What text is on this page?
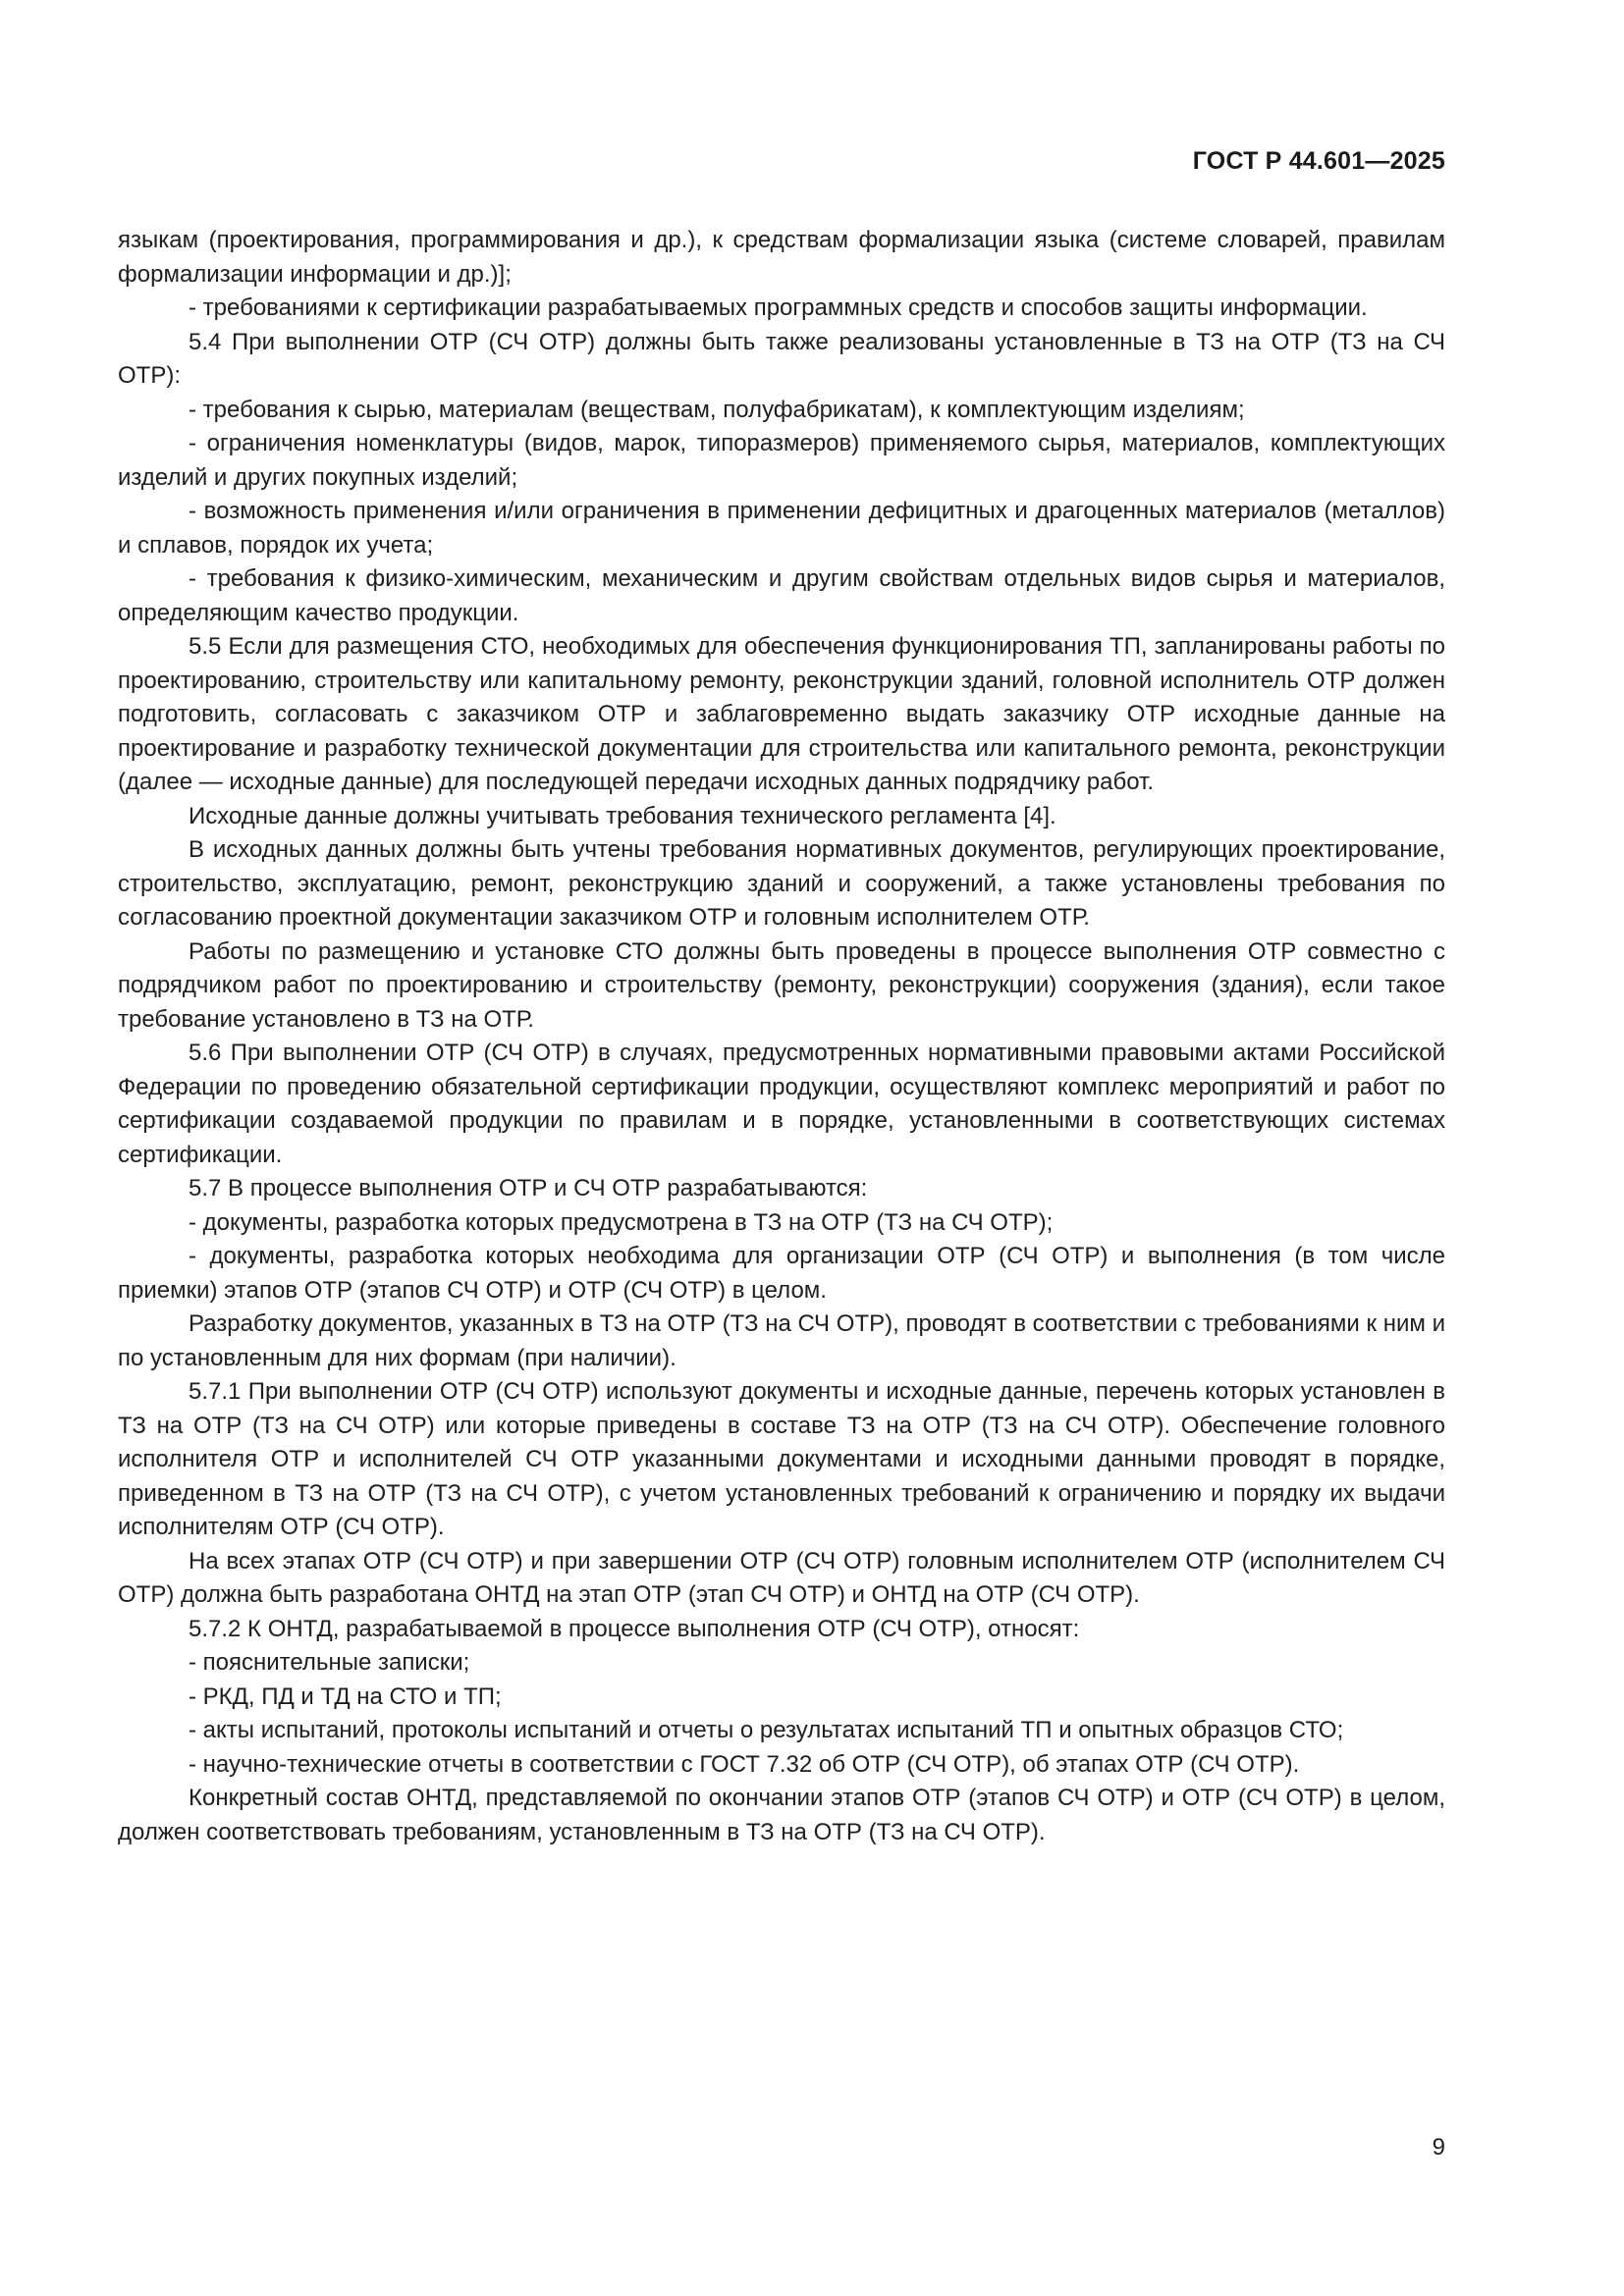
ГОСТ Р 44.601—2025

языкам (проектирования, программирования и др.), к средствам формализации языка (системе словарей, правилам формализации информации и др.)];

- требованиями к сертификации разрабатываемых программных средств и способов защиты информации.

5.4 При выполнении ОТР (СЧ ОТР) должны быть также реализованы установленные в ТЗ на ОТР (ТЗ на СЧ ОТР):

- требования к сырью, материалам (веществам, полуфабрикатам), к комплектующим изделиям;

- ограничения номенклатуры (видов, марок, типоразмеров) применяемого сырья, материалов, комплектующих изделий и других покупных изделий;

- возможность применения и/или ограничения в применении дефицитных и драгоценных материалов (металлов) и сплавов, порядок их учета;

- требования к физико-химическим, механическим и другим свойствам отдельных видов сырья и материалов, определяющим качество продукции.

5.5 Если для размещения СТО, необходимых для обеспечения функционирования ТП, запланированы работы по проектированию, строительству или капитальному ремонту, реконструкции зданий, головной исполнитель ОТР должен подготовить, согласовать с заказчиком ОТР и заблаговременно выдать заказчику ОТР исходные данные на проектирование и разработку технической документации для строительства или капитального ремонта, реконструкции (далее — исходные данные) для последующей передачи исходных данных подрядчику работ.

Исходные данные должны учитывать требования технического регламента [4].

В исходных данных должны быть учтены требования нормативных документов, регулирующих проектирование, строительство, эксплуатацию, ремонт, реконструкцию зданий и сооружений, а также установлены требования по согласованию проектной документации заказчиком ОТР и головным исполнителем ОТР.

Работы по размещению и установке СТО должны быть проведены в процессе выполнения ОТР совместно с подрядчиком работ по проектированию и строительству (ремонту, реконструкции) сооружения (здания), если такое требование установлено в ТЗ на ОТР.

5.6 При выполнении ОТР (СЧ ОТР) в случаях, предусмотренных нормативными правовыми актами Российской Федерации по проведению обязательной сертификации продукции, осуществляют комплекс мероприятий и работ по сертификации создаваемой продукции по правилам и в порядке, установленными в соответствующих системах сертификации.

5.7 В процессе выполнения ОТР и СЧ ОТР разрабатываются:

- документы, разработка которых предусмотрена в ТЗ на ОТР (ТЗ на СЧ ОТР);

- документы, разработка которых необходима для организации ОТР (СЧ ОТР) и выполнения (в том числе приемки) этапов ОТР (этапов СЧ ОТР) и ОТР (СЧ ОТР) в целом.

Разработку документов, указанных в ТЗ на ОТР (ТЗ на СЧ ОТР), проводят в соответствии с требованиями к ним и по установленным для них формам (при наличии).

5.7.1 При выполнении ОТР (СЧ ОТР) используют документы и исходные данные, перечень которых установлен в ТЗ на ОТР (ТЗ на СЧ ОТР) или которые приведены в составе ТЗ на ОТР (ТЗ на СЧ ОТР). Обеспечение головного исполнителя ОТР и исполнителей СЧ ОТР указанными документами и исходными данными проводят в порядке, приведенном в ТЗ на ОТР (ТЗ на СЧ ОТР), с учетом установленных требований к ограничению и порядку их выдачи исполнителям ОТР (СЧ ОТР).

На всех этапах ОТР (СЧ ОТР) и при завершении ОТР (СЧ ОТР) головным исполнителем ОТР (исполнителем СЧ ОТР) должна быть разработана ОНТД на этап ОТР (этап СЧ ОТР) и ОНТД на ОТР (СЧ ОТР).

5.7.2 К ОНТД, разрабатываемой в процессе выполнения ОТР (СЧ ОТР), относят:

- пояснительные записки;

- РКД, ПД и ТД на СТО и ТП;

- акты испытаний, протоколы испытаний и отчеты о результатах испытаний ТП и опытных образцов СТО;

- научно-технические отчеты в соответствии с ГОСТ 7.32 об ОТР (СЧ ОТР), об этапах ОТР (СЧ ОТР).

Конкретный состав ОНТД, представляемой по окончании этапов ОТР (этапов СЧ ОТР) и ОТР (СЧ ОТР) в целом, должен соответствовать требованиям, установленным в ТЗ на ОТР (ТЗ на СЧ ОТР).

9
